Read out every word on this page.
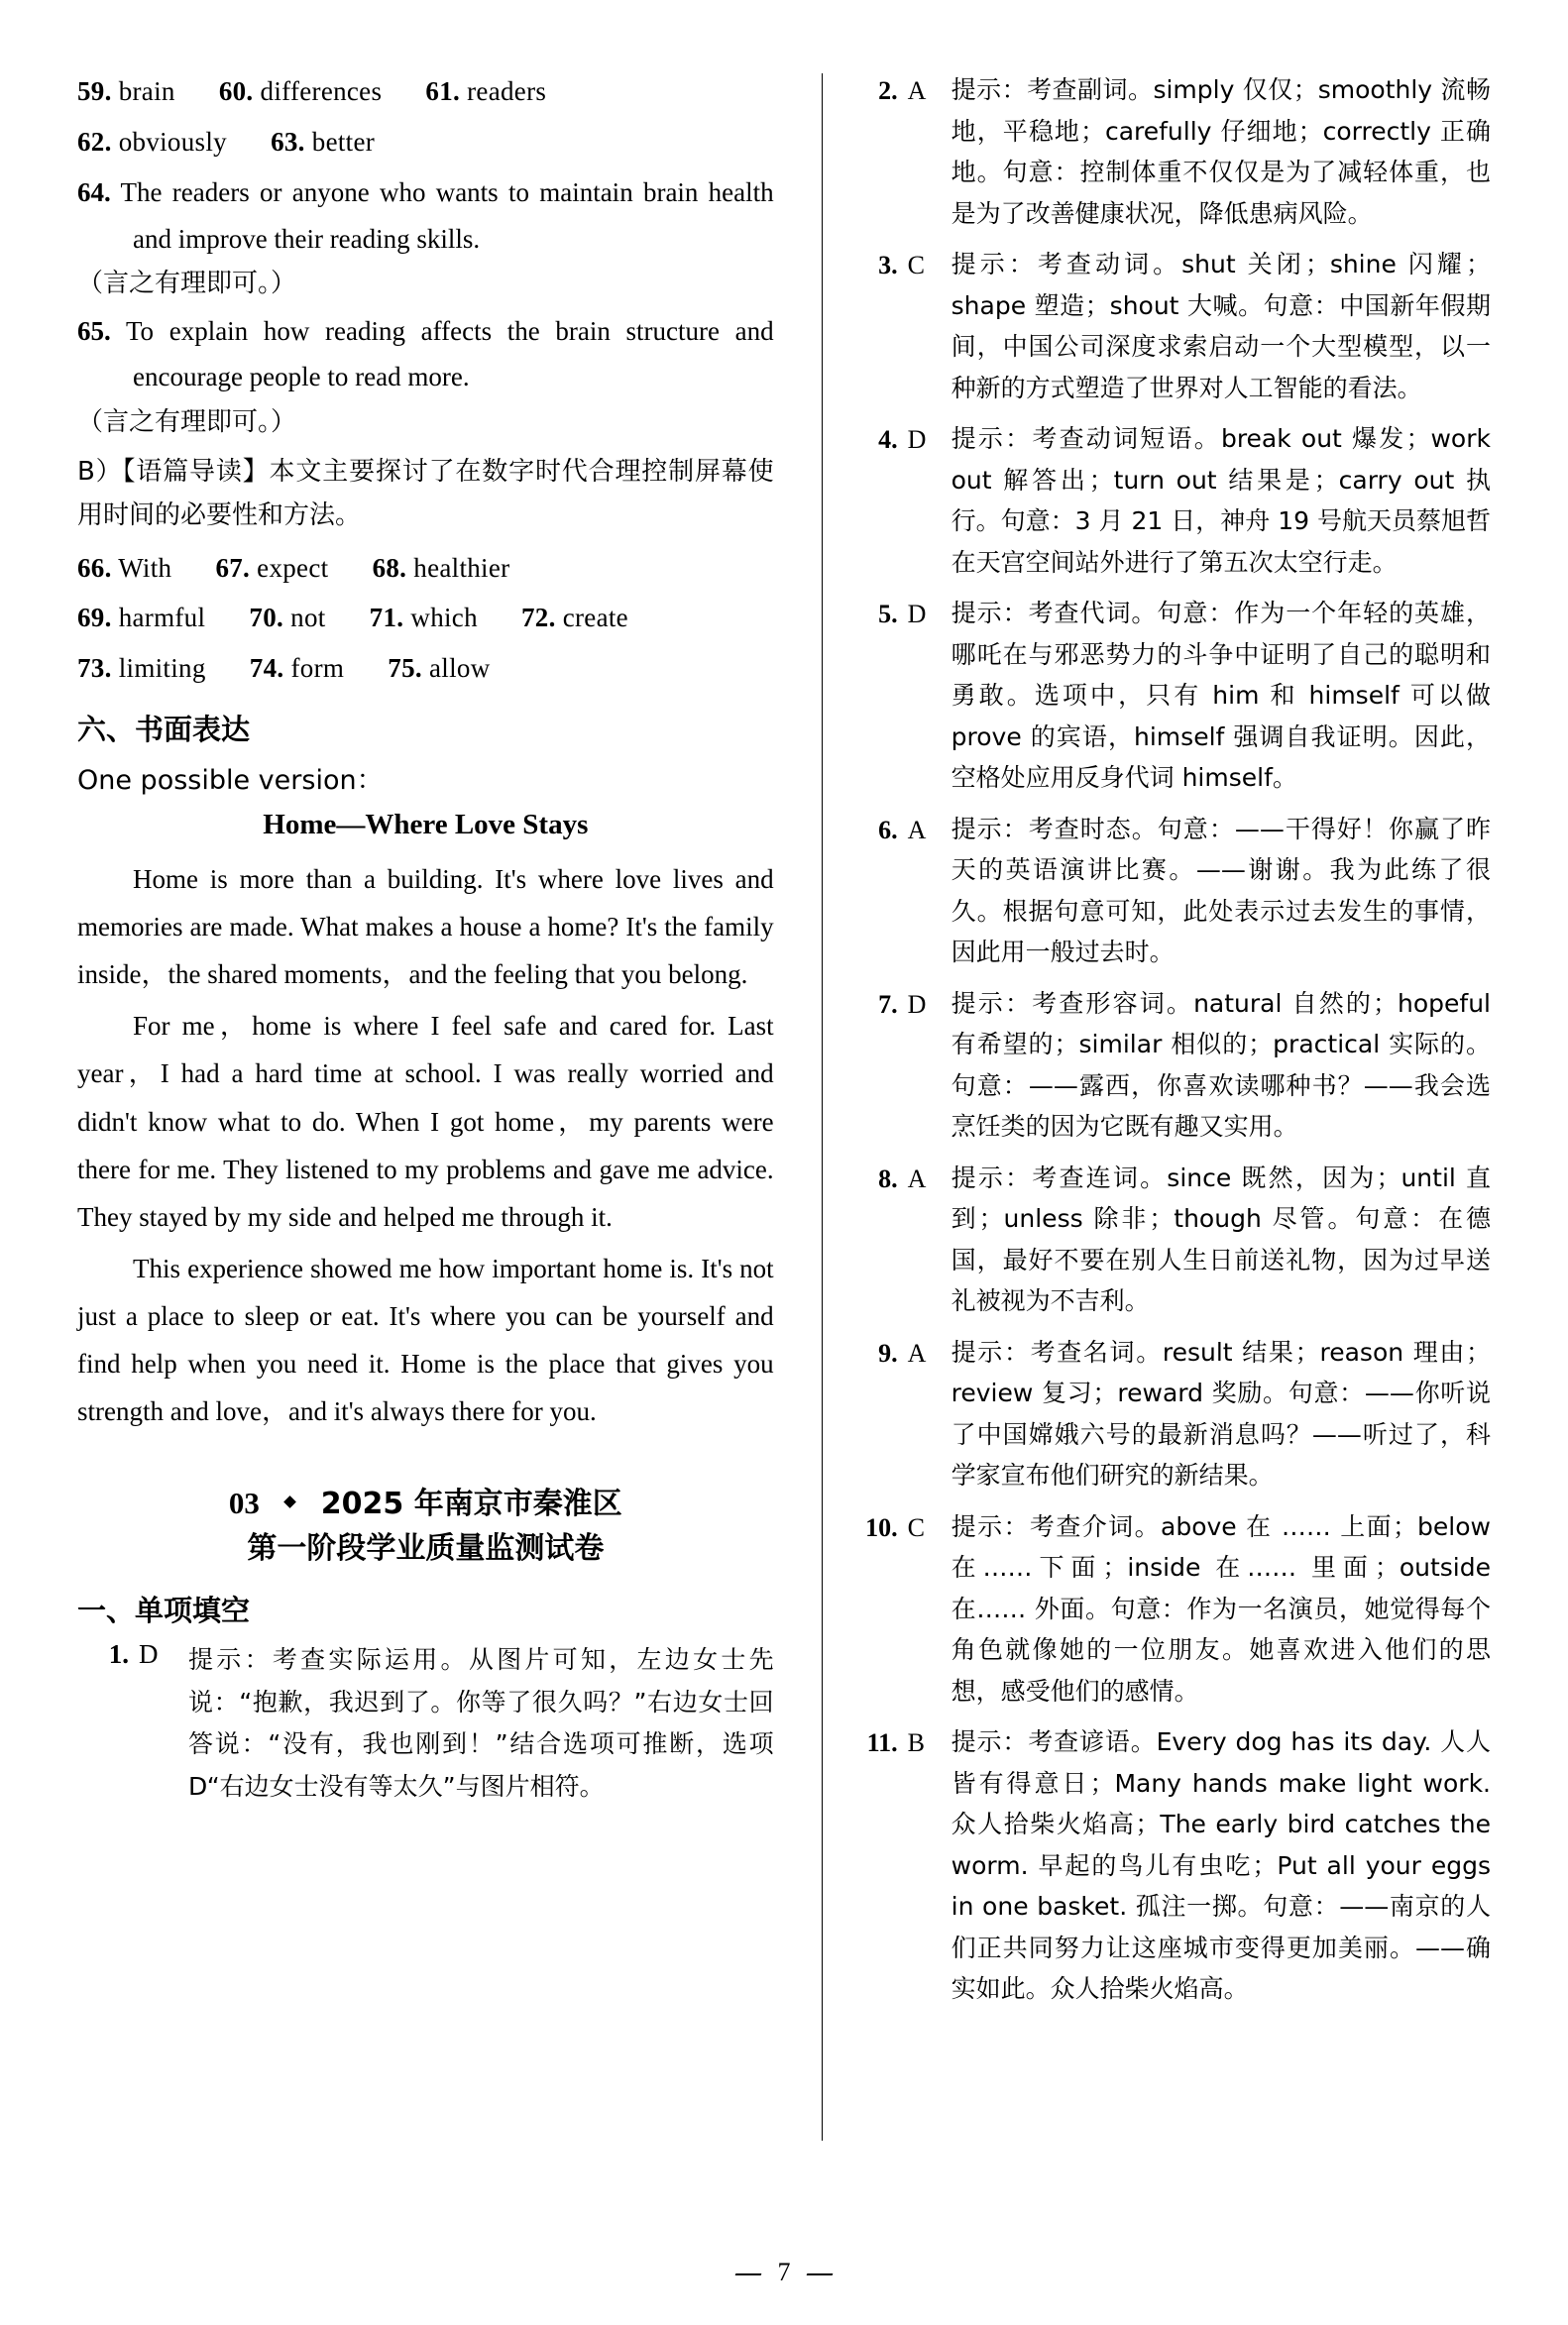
59. brain 60. differences 61. readers
62. obviously 63. better
64. The readers or anyone who wants to maintain brain health and improve their reading skills.
（言之有理即可。）
65. To explain how reading affects the brain structure and encourage people to read more.
（言之有理即可。）
B）【语篇导读】本文主要探讨了在数字时代合理控制屏幕使用时间的必要性和方法。
66. With 67. expect 68. healthier
69. harmful 70. not 71. which 72. create
73. limiting 74. form 75. allow
六、书面表达
One possible version：
Home—Where Love Stays

Home is more than a building. It's where love lives and memories are made. What makes a house a home? It's the family inside，the shared moments，and the feeling that you belong.

For me，home is where I feel safe and cared for. Last year，I had a hard time at school. I was really worried and didn't know what to do. When I got home，my parents were there for me. They listened to my problems and gave me advice. They stayed by my side and helped me through it.

This experience showed me how important home is. It's not just a place to sleep or eat. It's where you can be yourself and find help when you need it. Home is the place that gives you strength and love，and it's always there for you.

03 2025 年南京市秦淮区
第一阶段学业质量监测试卷
一、单项填空
1. D	提示：考查实际运用。从图片可知，左边女士先说：“抱歉，我迟到了。你等了很久吗？”右边女士回答说：“没有，我也刚到！”结合选项可推断，选项 D“右边女士没有等太久”与图片相符。
2. A	提示：考查副词。simply 仅仅；smoothly 流畅地，平稳地；carefully 仔细地；correctly 正确地。句意：控制体重不仅仅是为了减轻体重，也是为了改善健康状况，降低患病风险。
3. C	提示：考查动词。shut 关闭；shine 闪耀；shape 塑造；shout 大喊。句意：中国新年假期间，中国公司深度求索启动一个大型模型，以一种新的方式塑造了世界对人工智能的看法。
4. D	提示：考查动词短语。break out 爆发；work out 解答出；turn out 结果是；carry out 执行。句意：3 月 21 日，神舟 19 号航天员蔡旭哲在天宫空间站外进行了第五次太空行走。
5. D	提示：考查代词。句意：作为一个年轻的英雄，哪吒在与邪恶势力的斗争中证明了自己的聪明和勇敢。选项中，只有 him 和 himself 可以做 prove 的宾语，himself 强调自我证明。因此，空格处应用反身代词 himself。
6. A	提示：考查时态。句意：——干得好！你赢了昨天的英语演讲比赛。——谢谢。我为此练了很久。根据句意可知，此处表示过去发生的事情，因此用一般过去时。
7. D	提示：考查形容词。natural 自然的；hopeful 有希望的；similar 相似的；practical 实际的。句意：——露西，你喜欢读哪种书？——我会选烹饪类的因为它既有趣又实用。
8. A	提示：考查连词。since 既然，因为；until 直到；unless 除非；though 尽管。句意：在德国，最好不要在别人生日前送礼物，因为过早送礼被视为不吉利。
9. A	提示：考查名词。result 结果；reason 理由；review 复习；reward 奖励。句意：——你听说了中国嫦娥六号的最新消息吗？——听过了，科学家宣布他们研究的新结果。
10. C	提示：考查介词。above 在 …… 上面；below 在……下面；inside 在…… 里面；outside 在…… 外面。句意：作为一名演员，她觉得每个角色就像她的一位朋友。她喜欢进入他们的思想，感受他们的感情。
11. B	提示：考查谚语。Every dog has its day. 人人皆有得意日；Many hands make light work. 众人拾柴火焰高；The early bird catches the worm. 早起的鸟儿有虫吃；Put all your eggs in one basket. 孤注一掷。句意：——南京的人们正共同努力让这座城市变得更加美丽。——确实如此。众人拾柴火焰高。
7
